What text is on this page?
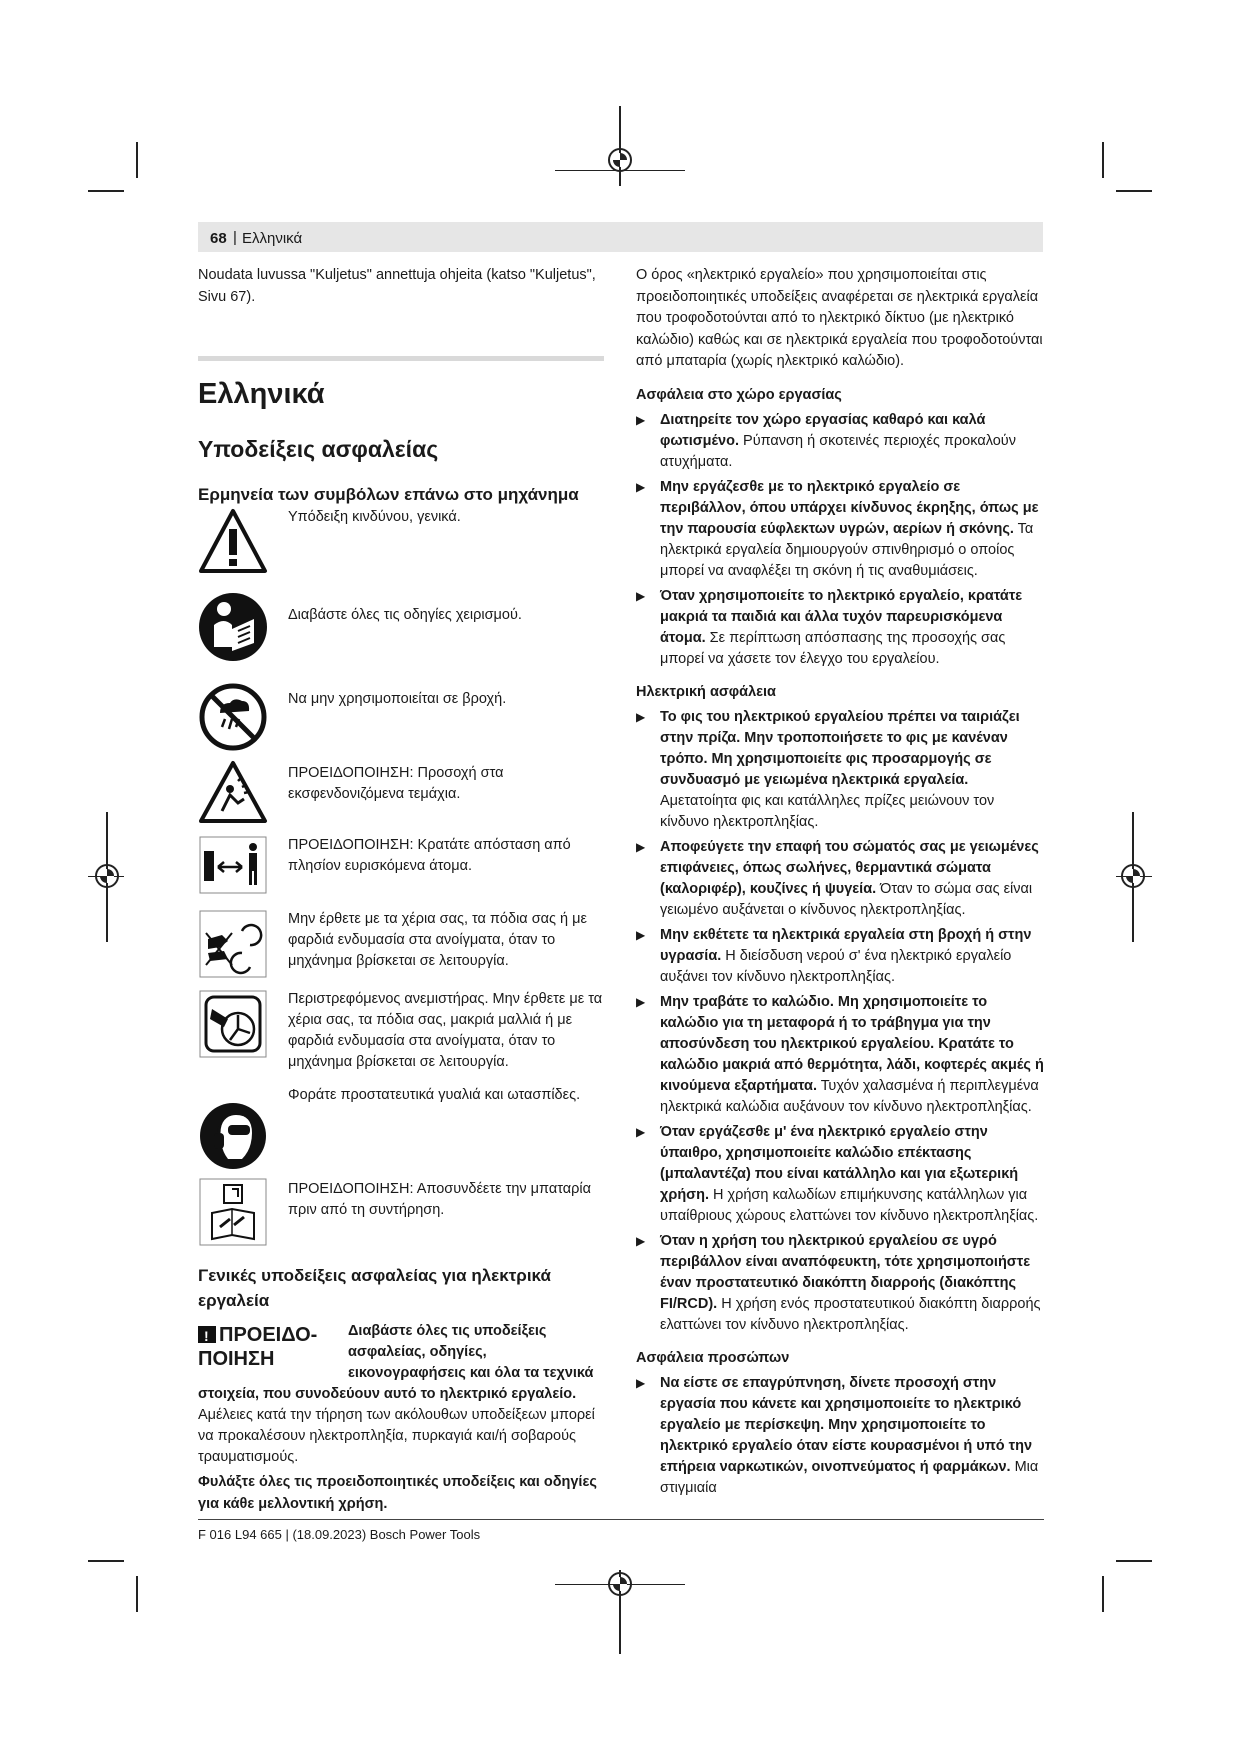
68 | Ελληνικά

Noudata luvussa "Kuljetus" annettuja ohjeita (katso "Kuljetus", Sivu 67).

Ελληνικά
Υποδείξεις ασφαλείας
Ερμηνεία των συμβόλων επάνω στο μηχάνημα
Υπόδειξη κινδύνου, γενικά.
Διαβάστε όλες τις οδηγίες χειρισμού.
Να μην χρησιμοποιείται σε βροχή.
ΠΡΟΕΙΔΟΠΟΙΗΣΗ: Προσοχή στα εκσφενδονιζόμενα τεμάχια.
ΠΡΟΕΙΔΟΠΟΙΗΣΗ: Κρατάτε απόσταση από πλησίον ευρισκόμενα άτομα.
Μην έρθετε με τα χέρια σας, τα πόδια σας ή με φαρδιά ενδυμασία στα ανοίγματα, όταν το μηχάνημα βρίσκεται σε λειτουργία.
Περιστρεφόμενος ανεμιστήρας. Μην έρθετε με τα χέρια σας, τα πόδια σας, μακριά μαλλιά ή με φαρδιά ενδυμασία στα ανοίγματα, όταν το μηχάνημα βρίσκεται σε λειτουργία.
Φοράτε προστατευτικά γυαλιά και ωτασπίδες.
ΠΡΟΕΙΔΟΠΟΙΗΣΗ: Αποσυνδέετε την μπαταρία πριν από τη συντήρηση.
Γενικές υποδείξεις ασφαλείας για ηλεκτρικά εργαλεία
!ΠΡΟΕΙΔΟ-ΠΟΙΗΣΗ
Διαβάστε όλες τις υποδείξεις ασφαλείας, οδηγίες, εικονογραφήσεις και όλα τα τεχνικά στοιχεία, που συνοδεύουν αυτό το ηλεκτρικό εργαλείο. Αμέλειες κατά την τήρηση των ακόλουθων υποδείξεων μπορεί να προκαλέσουν ηλεκτροπληξία, πυρκαγιά και/ή σοβαρούς τραυματισμούς.

Φυλάξτε όλες τις προειδοποιητικές υποδείξεις και οδηγίες για κάθε μελλοντική χρήση.

Ο όρος «ηλεκτρικό εργαλείο» που χρησιμοποιείται στις προειδοποιητικές υποδείξεις αναφέρεται σε ηλεκτρικά εργαλεία που τροφοδοτούνται από το ηλεκτρικό δίκτυο (με ηλεκτρικό καλώδιο) καθώς και σε ηλεκτρικά εργαλεία που τροφοδοτούνται από μπαταρία (χωρίς ηλεκτρικό καλώδιο).

Ασφάλεια στο χώρο εργασίας
▶ Διατηρείτε τον χώρο εργασίας καθαρό και καλά φωτισμένο. Ρύπανση ή σκοτεινές περιοχές προκαλούν ατυχήματα.
▶ Μην εργάζεσθε με το ηλεκτρικό εργαλείο σε περιβάλλον, όπου υπάρχει κίνδυνος έκρηξης, όπως με την παρουσία εύφλεκτων υγρών, αερίων ή σκόνης. Τα ηλεκτρικά εργαλεία δημιουργούν σπινθηρισμό ο οποίος μπορεί να αναφλέξει τη σκόνη ή τις αναθυμιάσεις.
▶ Όταν χρησιμοποιείτε το ηλεκτρικό εργαλείο, κρατάτε μακριά τα παιδιά και άλλα τυχόν παρευρισκόμενα άτομα. Σε περίπτωση απόσπασης της προσοχής σας μπορεί να χάσετε τον έλεγχο του εργαλείου.
Ηλεκτρική ασφάλεια
▶ Το φις του ηλεκτρικού εργαλείου πρέπει να ταιριάζει στην πρίζα. Μην τροποποιήσετε το φις με κανέναν τρόπο. Μη χρησιμοποιείτε φις προσαρμογής σε συνδυασμό με γειωμένα ηλεκτρικά εργαλεία. Αμετατοίητα φις και κατάλληλες πρίζες μειώνουν τον κίνδυνο ηλεκτροπληξίας.
▶ Αποφεύγετε την επαφή του σώματός σας με γειωμένες επιφάνειες, όπως σωλήνες, θερμαντικά σώματα (καλοριφέρ), κουζίνες ή ψυγεία. Όταν το σώμα σας είναι γειωμένο αυξάνεται ο κίνδυνος ηλεκτροπληξίας.
▶ Μην εκθέτετε τα ηλεκτρικά εργαλεία στη βροχή ή στην υγρασία. Η διείσδυση νερού σ' ένα ηλεκτρικό εργαλείο αυξάνει τον κίνδυνο ηλεκτροπληξίας.
▶ Μην τραβάτε το καλώδιο. Μη χρησιμοποιείτε το καλώδιο για τη μεταφορά ή το τράβηγμα για την αποσύνδεση του ηλεκτρικού εργαλείου. Κρατάτε το καλώδιο μακριά από θερμότητα, λάδι, κοφτερές ακμές ή κινούμενα εξαρτήματα. Τυχόν χαλασμένα ή περιπλεγμένα ηλεκτρικά καλώδια αυξάνουν τον κίνδυνο ηλεκτροπληξίας.
▶ Όταν εργάζεσθε μ' ένα ηλεκτρικό εργαλείο στην ύπαιθρο, χρησιμοποιείτε καλώδιο επέκτασης (μπαλαντέζα) που είναι κατάλληλο και για εξωτερική χρήση. Η χρήση καλωδίων επιμήκυνσης κατάλληλων για υπαίθριους χώρους ελαττώνει τον κίνδυνο ηλεκτροπληξίας.
▶ Όταν η χρήση του ηλεκτρικού εργαλείου σε υγρό περιβάλλον είναι αναπόφευκτη, τότε χρησιμοποιήστε έναν προστατευτικό διακόπτη διαρροής (διακόπτης FI/RCD). Η χρήση ενός προστατευτικού διακόπτη διαρροής ελαττώνει τον κίνδυνο ηλεκτροπληξίας.
Ασφάλεια προσώπων
▶ Να είστε σε επαγρύπνηση, δίνετε προσοχή στην εργασία που κάνετε και χρησιμοποιείτε το ηλεκτρικό εργαλείο με περίσκεψη. Μην χρησιμοποιείτε το ηλεκτρικό εργαλείο όταν είστε κουρασμένοι ή υπό την επήρεια ναρκωτικών, οινοπνεύματος ή φαρμάκων. Μια στιγμιαία
F 016 L94 665 | (18.09.2023) Bosch Power Tools
